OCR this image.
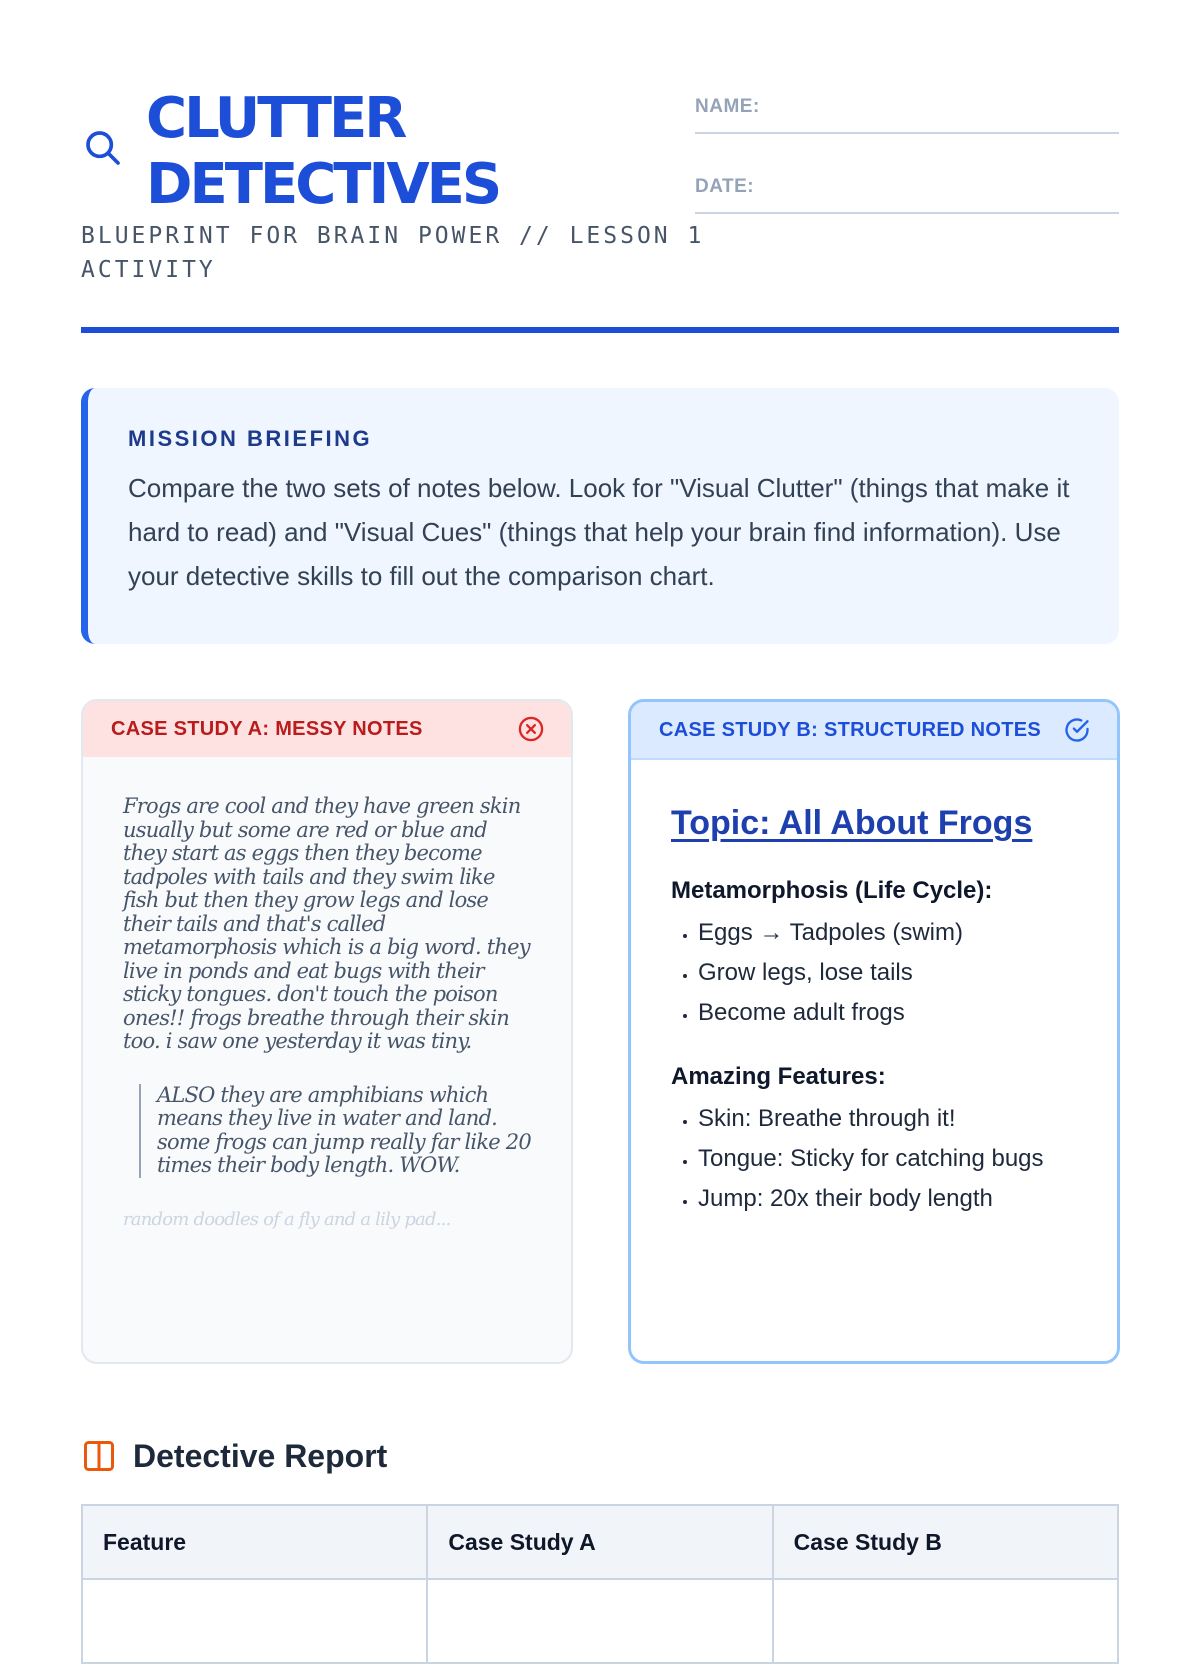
CLUTTER
DETECTIVES

BLUEPRINT FOR BRAIN POWER // LESSON 1 ACTIVITY

NAME:
DATE:
MISSION BRIEFING

Compare the two sets of notes below. Look for "Visual Clutter" (things that make it hard to read) and "Visual Cues" (things that help your brain find information). Use your detective skills to fill out the comparison chart.

CASE STUDY A: MESSY NOTES

Frogs are cool and they have green skin usually but some are red or blue and they start as eggs then they become tadpoles with tails and they swim like fish but then they grow legs and lose their tails and that's called metamorphosis which is a big word. they live in ponds and eat bugs with their sticky tongues. don't touch the poison ones!! frogs breathe through their skin too. i saw one yesterday it was tiny.

ALSO they are amphibians which means they live in water and land. some frogs can jump really far like 20 times their body length. WOW.

random doodles of a fly and a lily pad...

CASE STUDY B: STRUCTURED NOTES

Topic: All About Frogs

Metamorphosis (Life Cycle):
• Eggs → Tadpoles (swim)
• Grow legs, lose tails
• Become adult frogs
Amazing Features:
• Skin: Breathe through it!
• Tongue: Sticky for catching bugs
• Jump: 20x their body length
Detective Report
Feature	Case Study A	Case Study B
